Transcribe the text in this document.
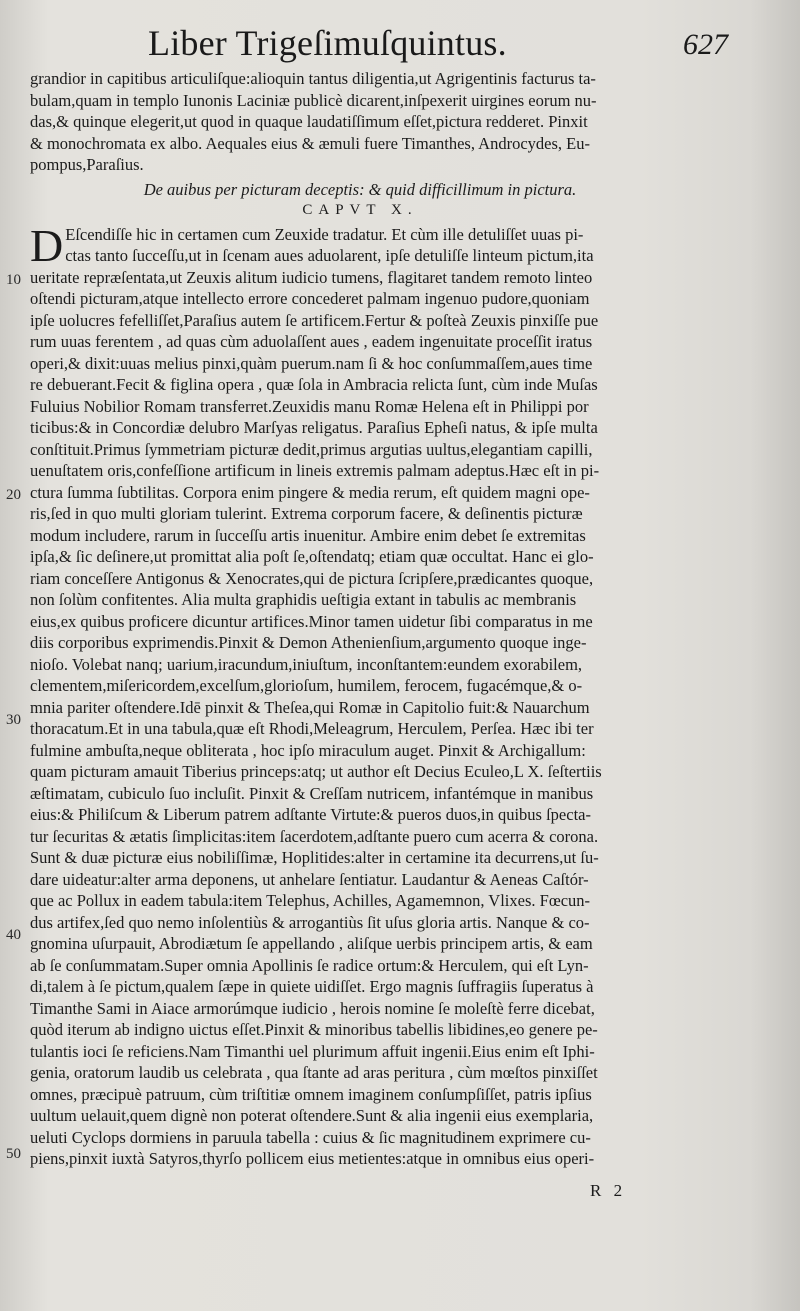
Liber Trigeſimuſquintus.	627
10
20
30
40
50
grandior in capitibus articuliſque:alioquin tantus diligentia,ut Agrigentinis facturus ta-
bulam,quam in templo Iunonis Laciniæ publicè dicarent,inſpexerit uirgines eorum nu-
das,& quinque elegerit,ut quod in quaque laudatiſſimum eſſet,pictura redderet. Pinxit
& monochromata ex albo. Aequales eius & æmuli fuere Timanthes, Androcydes, Eu-
pompus,Paraſius.
De auibus per picturam deceptis: & quid difficillimum in pictura.
CAPVT X.
D Eſcendiſſe hic in certamen cum Zeuxide tradatur. Et cùm ille detuliſſet uuas pi-
ctas tanto ſucceſſu,ut in ſcenam aues aduolarent, ipſe detuliſſe linteum pictum,ita
ueritate repræſentata,ut Zeuxis alitum iudicio tumens, flagitaret tandem remoto linteo
oſtendi picturam,atque intellecto errore concederet palmam ingenuo pudore,quoniam
ipſe uolucres fefelliſſet,Paraſius autem ſe artificem.Fertur & poſteà Zeuxis pinxiſſe pue
rum uuas ferentem , ad quas cùm aduolaſſent aues , eadem ingenuitate proceſſit iratus
operi,& dixit:uuas melius pinxi,quàm puerum.nam ſi & hoc conſummaſſem,aues time
re debuerant.Fecit & figlina opera , quæ ſola in Ambracia relicta ſunt, cùm inde Muſas
Fuluius Nobilior Romam transferret.Zeuxidis manu Romæ Helena eſt in Philippi por
ticibus:& in Concordiæ delubro Marſyas religatus. Paraſius Epheſi natus, & ipſe multa
conſtituit.Primus ſymmetriam picturæ dedit,primus argutias uultus,elegantiam capilli,
uenuſtatem oris,confeſſione artificum in lineis extremis palmam adeptus.Hæc eſt in pi-
ctura ſumma ſubtilitas. Corpora enim pingere & media rerum, eſt quidem magni ope-
ris,ſed in quo multi gloriam tulerint. Extrema corporum facere, & deſinentis picturæ
modum includere, rarum in ſucceſſu artis inuenitur. Ambire enim debet ſe extremitas
ipſa,& ſic deſinere,ut promittat alia poſt ſe,oſtendatq; etiam quæ occultat. Hanc ei glo-
riam conceſſere Antigonus & Xenocrates,qui de pictura ſcripſere,prædicantes quoque,
non ſolùm confitentes. Alia multa graphidis ueſtigia extant in tabulis ac membranis
eius,ex quibus proficere dicuntur artifices.Minor tamen uidetur ſibi comparatus in me
diis corporibus exprimendis.Pinxit & Demon Athenienſium,argumento quoque inge-
nioſo. Volebat nanq; uarium,iracundum,iniuſtum, inconſtantem:eundem exorabilem,
clementem,miſericordem,excelſum,glorioſum, humilem, ferocem, fugacémque,& o-
mnia pariter oſtendere.Idē pinxit & Theſea,qui Romæ in Capitolio fuit:& Nauarchum
thoracatum.Et in una tabula,quæ eſt Rhodi,Meleagrum, Herculem, Perſea. Hæc ibi ter
fulmine ambuſta,neque obliterata , hoc ipſo miraculum auget. Pinxit & Archigallum:
quam picturam amauit Tiberius princeps:atq; ut author eſt Decius Eculeo,L X. ſeſtertiis
æſtimatam, cubiculo ſuo incluſit. Pinxit & Creſſam nutricem, infantémque in manibus
eius:& Philiſcum & Liberum patrem adſtante Virtute:& pueros duos,in quibus ſpecta-
tur ſecuritas & ætatis ſimplicitas:item ſacerdotem,adſtante puero cum acerra & corona.
Sunt & duæ picturæ eius nobiliſſimæ, Hoplitides:alter in certamine ita decurrens,ut ſu-
dare uideatur:alter arma deponens, ut anhelare ſentiatur. Laudantur & Aeneas Caſtór-
que ac Pollux in eadem tabula:item Telephus, Achilles, Agamemnon, Vlixes. Fœcun-
dus artifex,ſed quo nemo inſolentiùs & arrogantiùs ſit uſus gloria artis. Nanque & co-
gnomina uſurpauit, Abrodiætum ſe appellando , aliſque uerbis principem artis, & eam
ab ſe conſummatam.Super omnia Apollinis ſe radice ortum:& Herculem, qui eſt Lyn-
di,talem à ſe pictum,qualem ſæpe in quiete uidiſſet. Ergo magnis ſuffragiis ſuperatus à
Timanthe Sami in Aiace armorúmque iudicio , herois nomine ſe moleſtè ferre dicebat,
quòd iterum ab indigno uictus eſſet.Pinxit & minoribus tabellis libidines,eo genere pe-
tulantis ioci ſe reficiens.Nam Timanthi uel plurimum affuit ingenii.Eius enim eſt Iphi-
genia, oratorum laudib us celebrata , qua ſtante ad aras peritura , cùm mœſtos pinxiſſet
omnes, præcipuè patruum, cùm triſtitiæ omnem imaginem conſumpſiſſet, patris ipſius
uultum uelauit,quem dignè non poterat oſtendere.Sunt & alia ingenii eius exemplaria,
ueluti Cyclops dormiens in paruula tabella : cuius & ſic magnitudinem exprimere cu-
piens,pinxit iuxtà Satyros,thyrſo pollicem eius metientes:atque in omnibus eius operi-
R 2
